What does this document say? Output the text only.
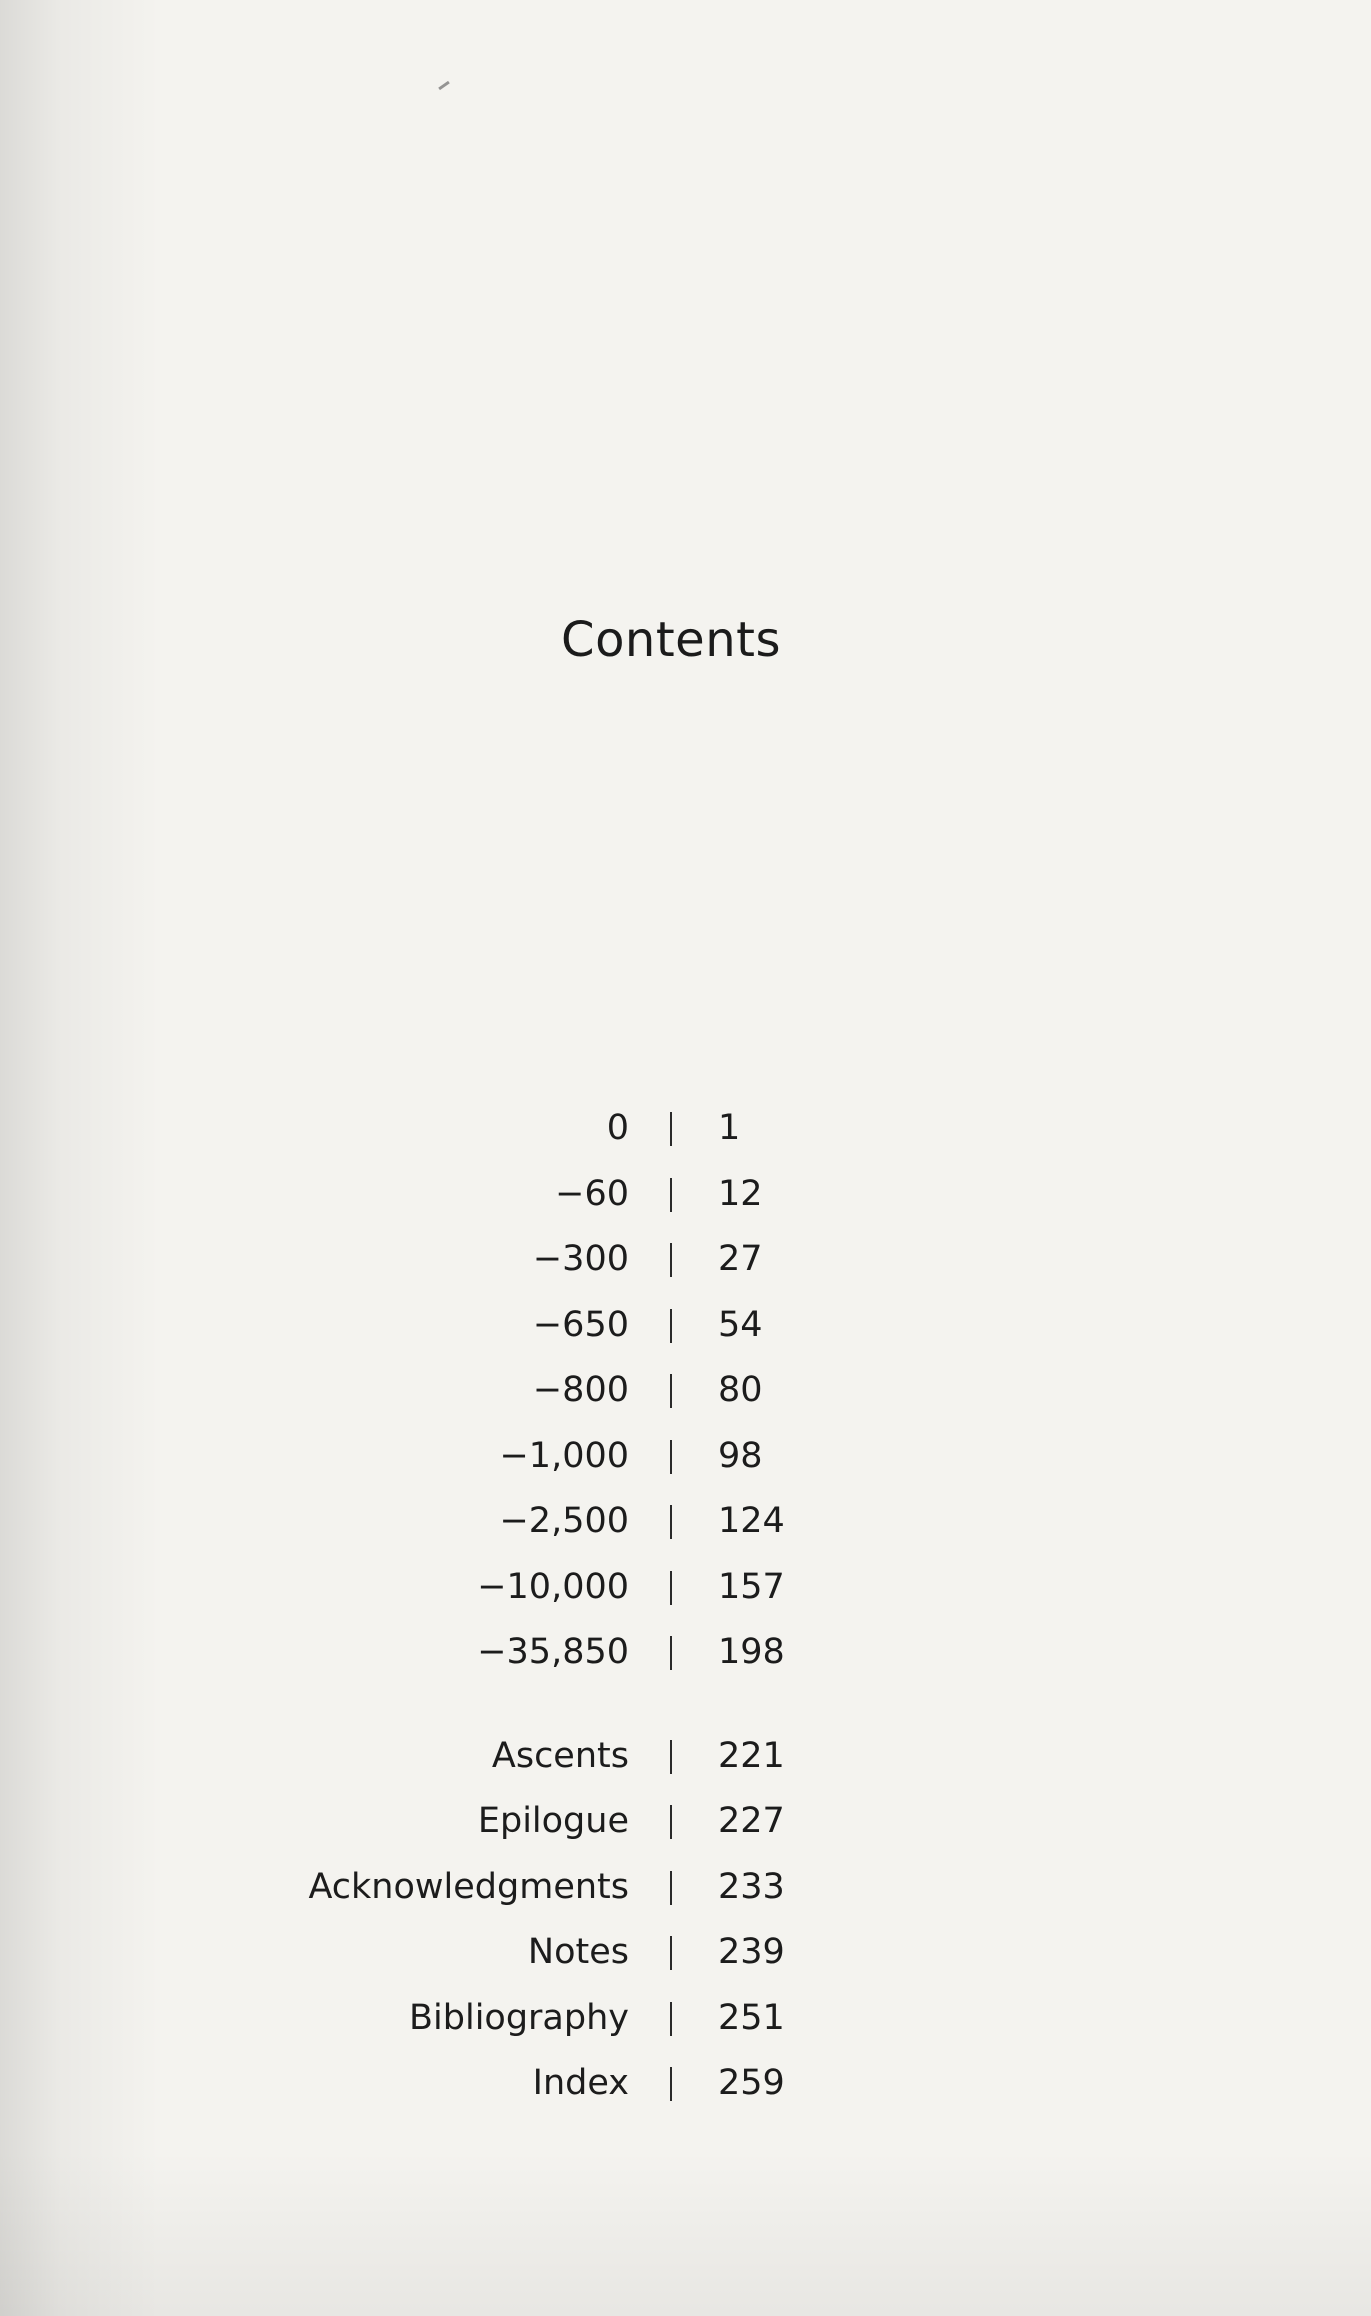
Contents
0	1
−60	12
−300	27
−650	54
−800	80
−1,000	98
−2,500	124
−10,000	157
−35,850	198
Ascents	221
Epilogue	227
Acknowledgments	233
Notes	239
Bibliography	251
Index	259
